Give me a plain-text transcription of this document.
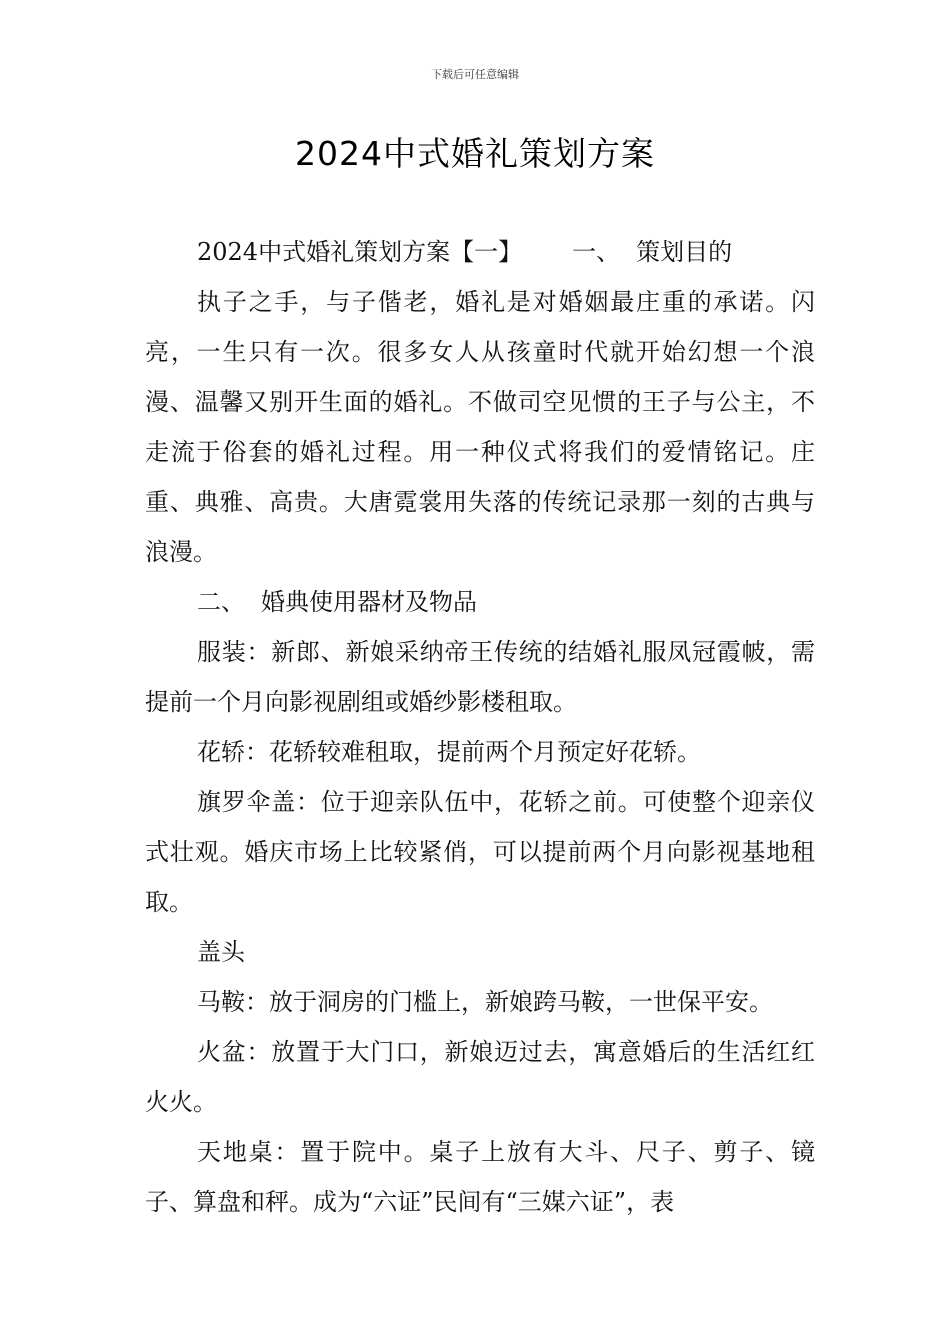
下载后可任意编辑
2024中式婚礼策划方案

2024中式婚礼策划方案【一】 一、 策划目的

执子之手，与子偕老，婚礼是对婚姻最庄重的承诺。闪亮，一生只有一次。很多女人从孩童时代就开始幻想一个浪漫、温馨又别开生面的婚礼。不做司空见惯的王子与公主，不走流于俗套的婚礼过程。用一种仪式将我们的爱情铭记。庄重、典雅、高贵。大唐霓裳用失落的传统记录那一刻的古典与浪漫。

二、 婚典使用器材及物品

服装：新郎、新娘采纳帝王传统的结婚礼服凤冠霞帔，需提前一个月向影视剧组或婚纱影楼租取。

花轿：花轿较难租取，提前两个月预定好花轿。

旗罗伞盖：位于迎亲队伍中，花轿之前。可使整个迎亲仪式壮观。婚庆市场上比较紧俏，可以提前两个月向影视基地租取。

盖头

马鞍：放于洞房的门槛上，新娘跨马鞍，一世保平安。

火盆：放置于大门口，新娘迈过去，寓意婚后的生活红红火火。

天地桌：置于院中。桌子上放有大斗、尺子、剪子、镜子、算盘和秤。成为“六证”民间有“三媒六证”，表
